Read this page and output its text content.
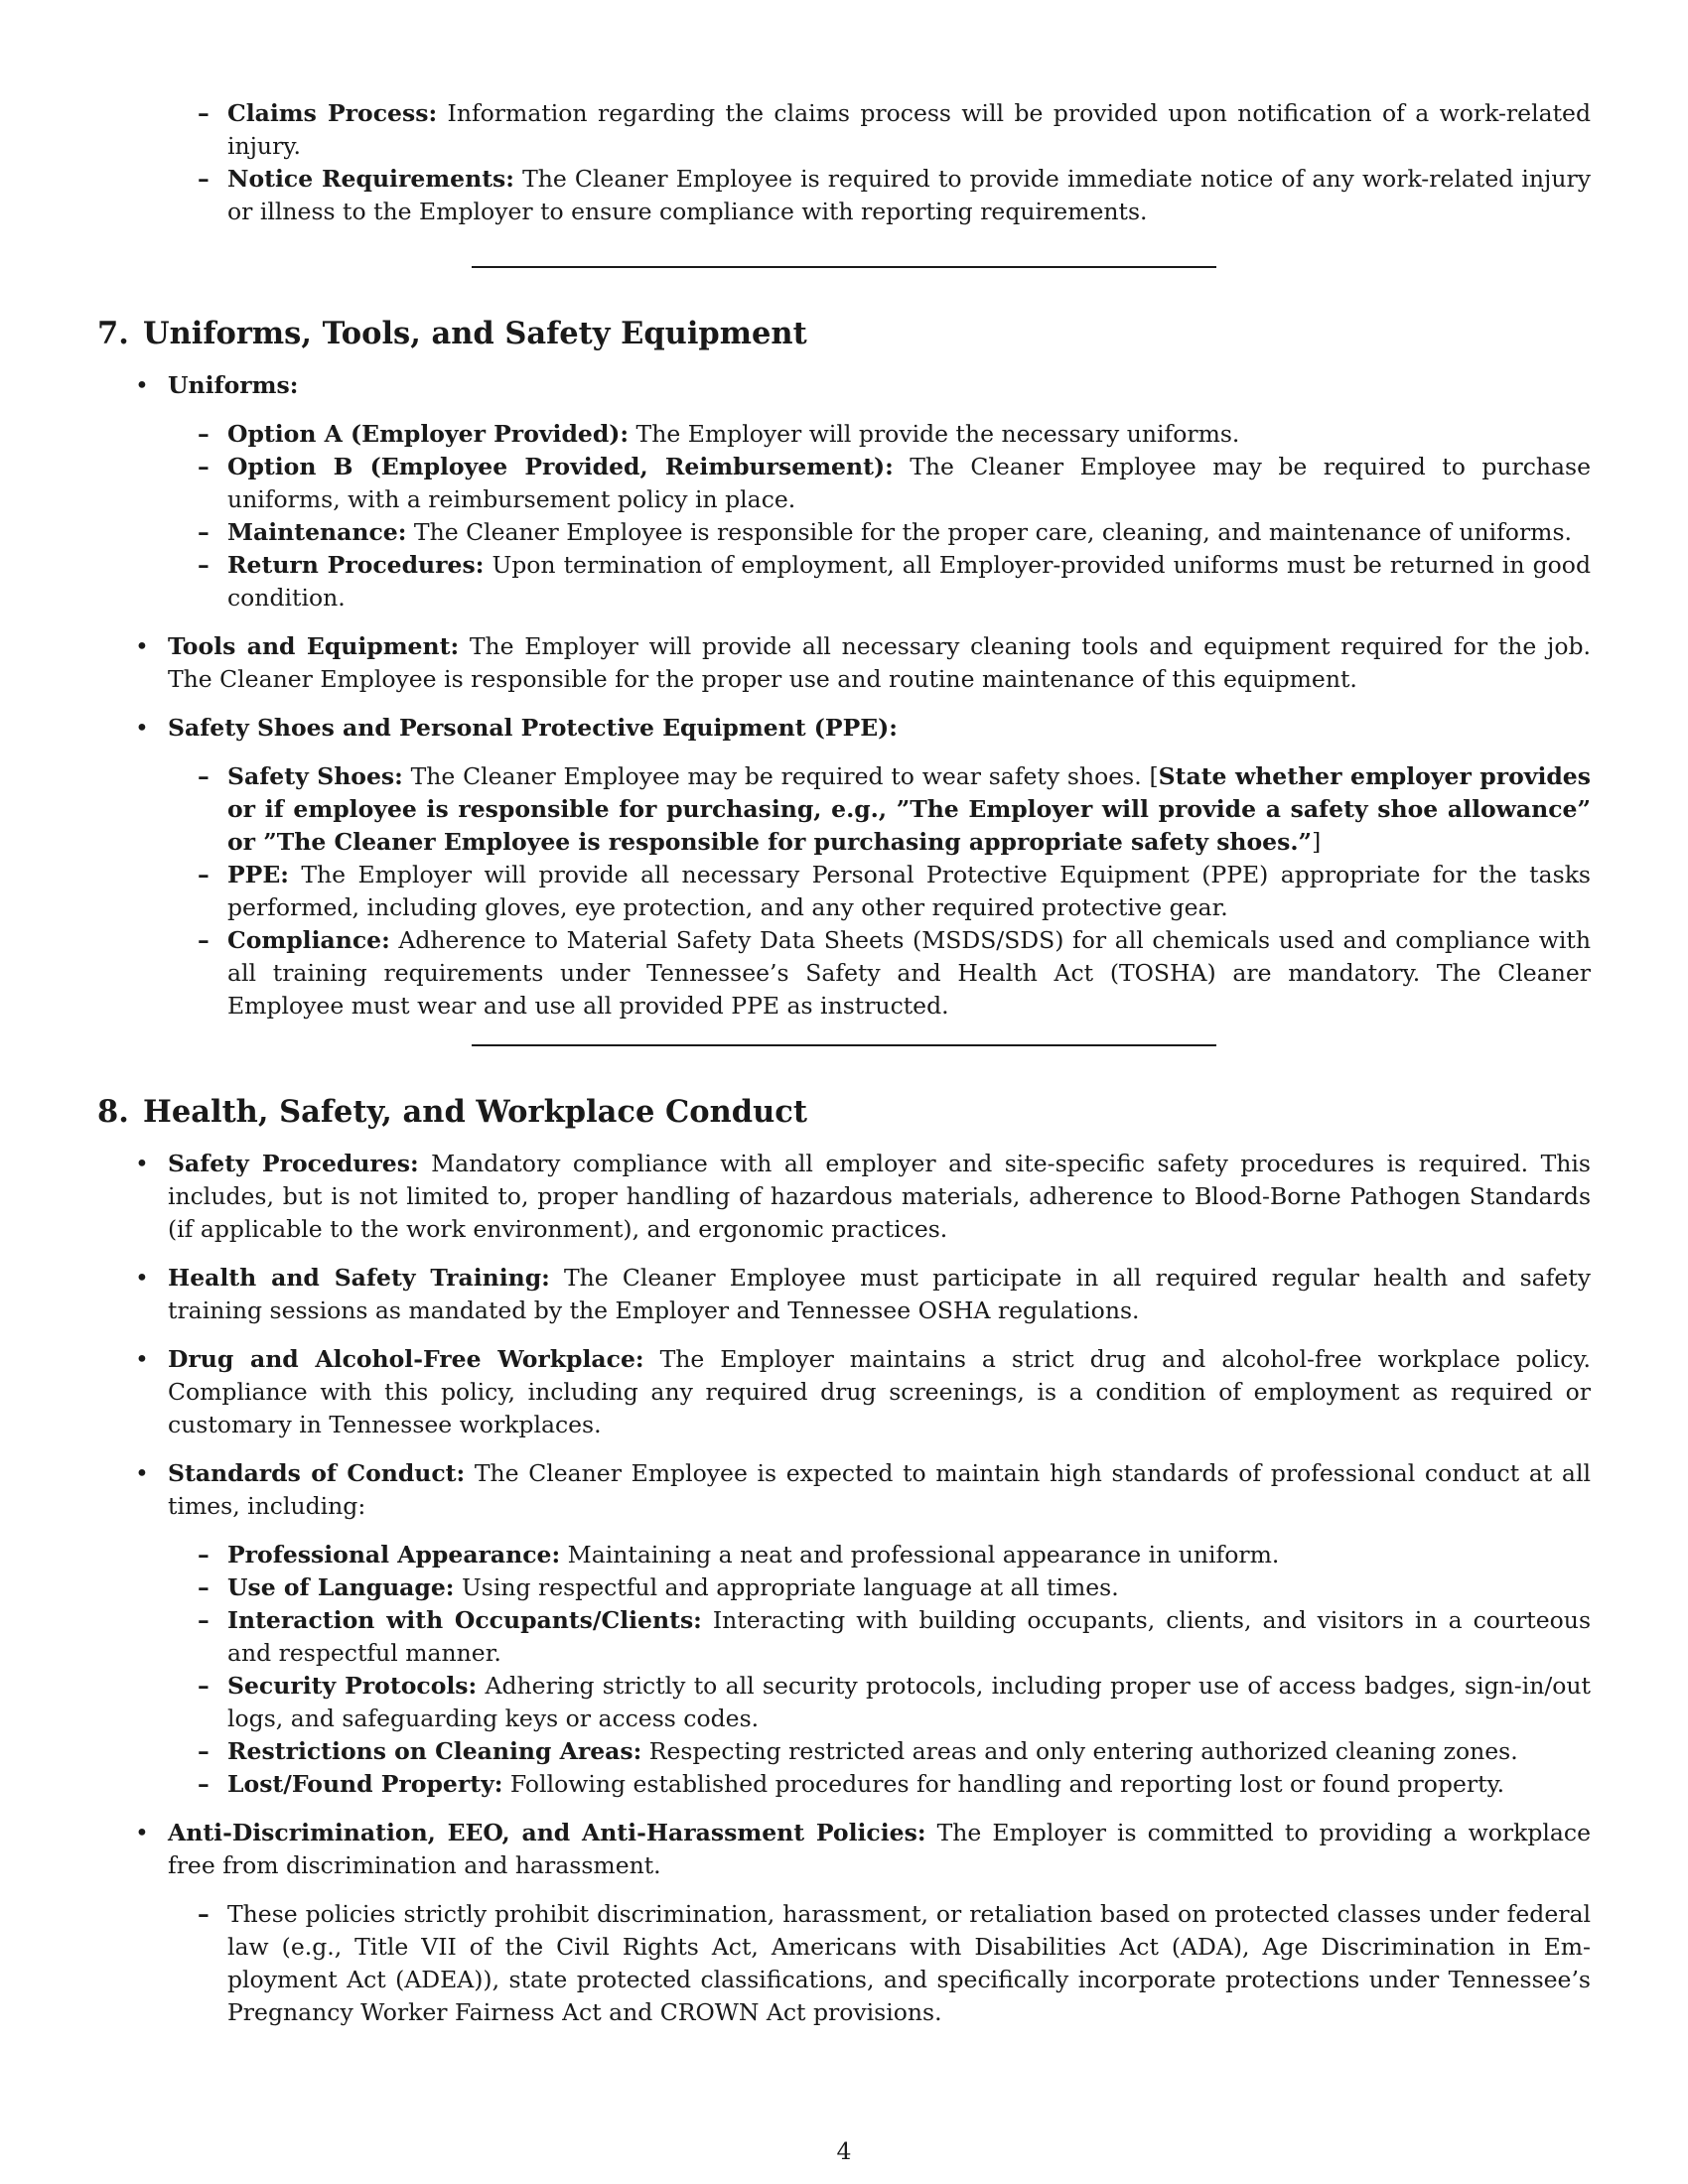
– Claims Process: Information regarding the claims process will be provided upon notification of a work-related injury.
– Notice Requirements: The Cleaner Employee is required to provide immediate notice of any work-related injury or illness to the Employer to ensure compliance with reporting requirements.
7. Uniforms, Tools, and Safety Equipment
• Uniforms:
– Option A (Employer Provided): The Employer will provide the necessary uniforms.
– Option B (Employee Provided, Reimbursement): The Cleaner Employee may be required to purchase uniforms, with a reimbursement policy in place.
– Maintenance: The Cleaner Employee is responsible for the proper care, cleaning, and maintenance of uniforms.
– Return Procedures: Upon termination of employment, all Employer-provided uniforms must be returned in good condition.
• Tools and Equipment: The Employer will provide all necessary cleaning tools and equipment required for the job. The Cleaner Employee is responsible for the proper use and routine maintenance of this equipment.
• Safety Shoes and Personal Protective Equipment (PPE):
– Safety Shoes: The Cleaner Employee may be required to wear safety shoes. [State whether employer provides or if employee is responsible for purchasing, e.g., ”The Employer will provide a safety shoe allowance” or ”The Cleaner Employee is responsible for purchasing appropriate safety shoes.”]
– PPE: The Employer will provide all necessary Personal Protective Equipment (PPE) appropriate for the tasks performed, including gloves, eye protection, and any other required protective gear.
– Compliance: Adherence to Material Safety Data Sheets (MSDS/SDS) for all chemicals used and compliance with all training requirements under Tennessee’s Safety and Health Act (TOSHA) are mandatory. The Cleaner Employee must wear and use all provided PPE as instructed.
8. Health, Safety, and Workplace Conduct
• Safety Procedures: Mandatory compliance with all employer and site-specific safety procedures is required. This includes, but is not limited to, proper handling of hazardous materials, adherence to Blood-Borne Pathogen Standards (if applicable to the work environment), and ergonomic practices.
• Health and Safety Training: The Cleaner Employee must participate in all required regular health and safety training sessions as mandated by the Employer and Tennessee OSHA regulations.
• Drug and Alcohol-Free Workplace: The Employer maintains a strict drug and alcohol-free workplace policy. Compliance with this policy, including any required drug screenings, is a condition of employment as required or customary in Tennessee workplaces.
• Standards of Conduct: The Cleaner Employee is expected to maintain high standards of professional conduct at all times, including:
– Professional Appearance: Maintaining a neat and professional appearance in uniform.
– Use of Language: Using respectful and appropriate language at all times.
– Interaction with Occupants/Clients: Interacting with building occupants, clients, and visitors in a courteous and respectful manner.
– Security Protocols: Adhering strictly to all security protocols, including proper use of access badges, sign-in/out logs, and safeguarding keys or access codes.
– Restrictions on Cleaning Areas: Respecting restricted areas and only entering authorized cleaning zones.
– Lost/Found Property: Following established procedures for handling and reporting lost or found property.
• Anti-Discrimination, EEO, and Anti-Harassment Policies: The Employer is committed to providing a workplace free from discrimination and harassment.
– These policies strictly prohibit discrimination, harassment, or retaliation based on protected classes under federal law (e.g., Title VII of the Civil Rights Act, Americans with Disabilities Act (ADA), Age Discrimination in Employment Act (ADEA)), state protected classifications, and specifically incorporate protections under Tennessee’s Pregnancy Worker Fairness Act and CROWN Act provisions.
4
